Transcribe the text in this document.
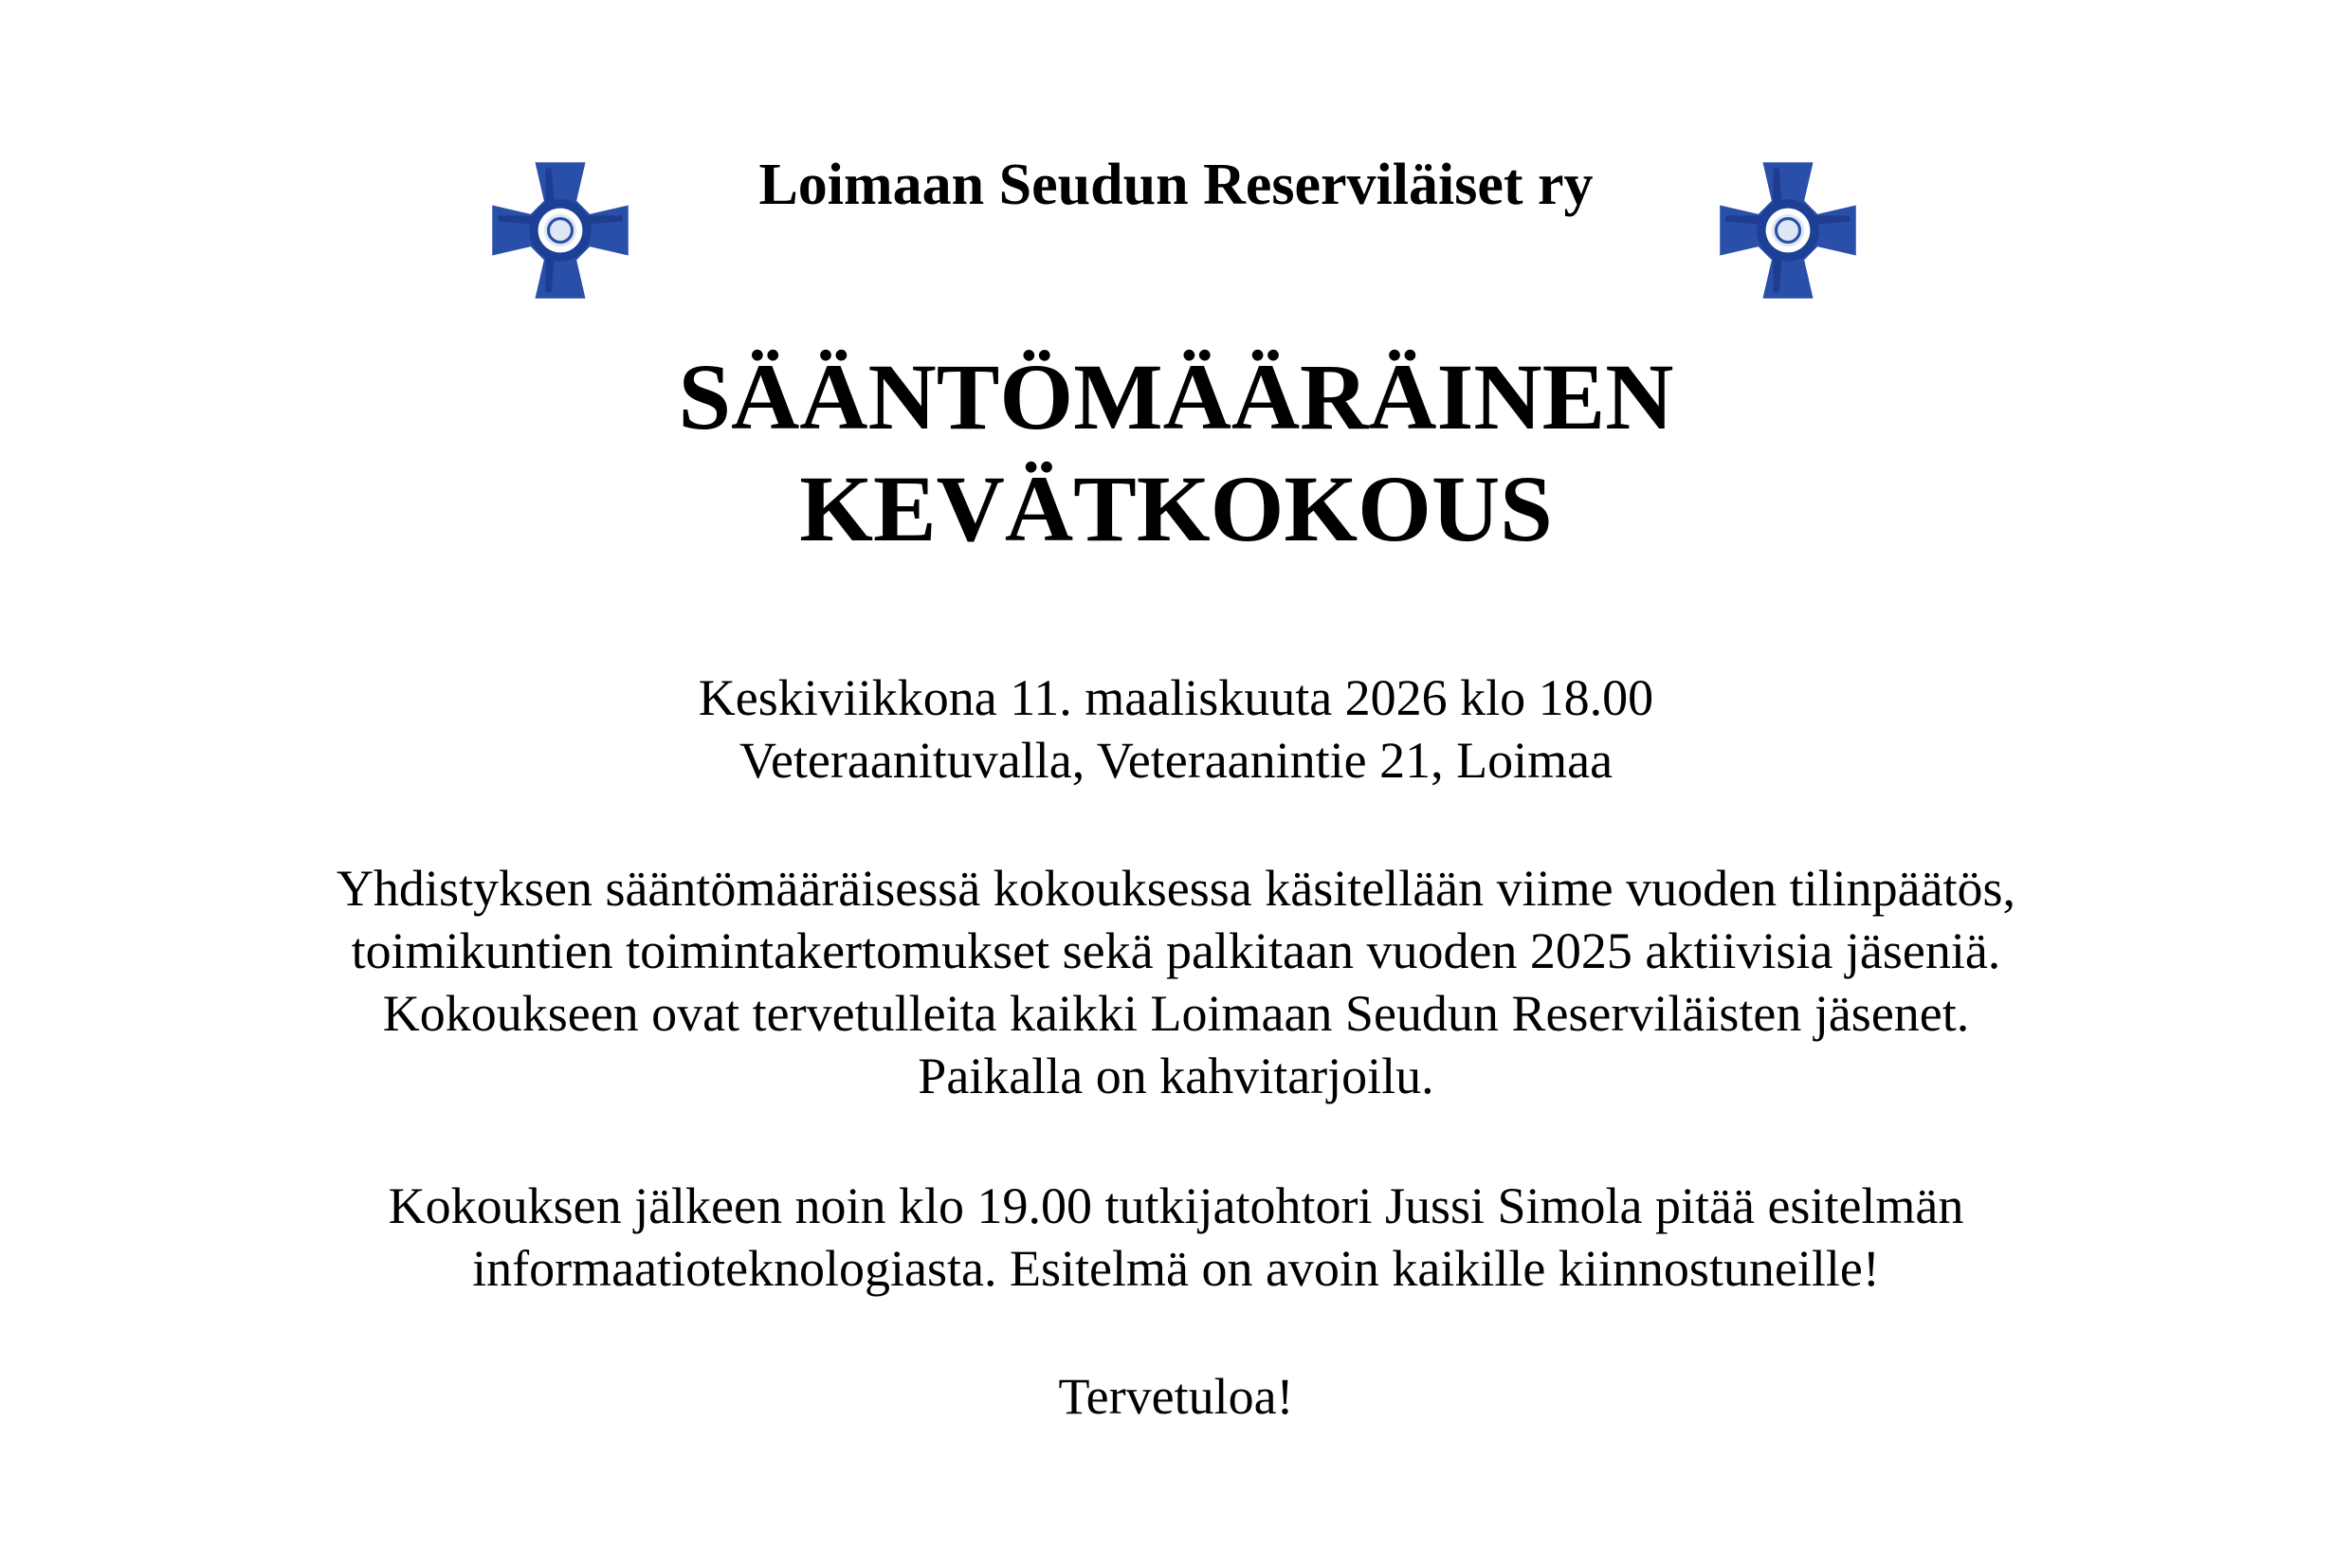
Loimaan Seudun Reserviläiset ry
SÄÄNTÖMÄÄRÄINEN
KEVÄTKOKOUS

Keskiviikkona 11. maaliskuuta 2026 klo 18.00

Veteraanituvalla, Veteraanintie 21, Loimaa

Yhdistyksen sääntömääräisessä kokouksessa käsitellään viime vuoden tilinpäätös,

toimikuntien toimintakertomukset sekä palkitaan vuoden 2025 aktiivisia jäseniä.

Kokoukseen ovat tervetulleita kaikki Loimaan Seudun Reserviläisten jäsenet.

Paikalla on kahvitarjoilu.

Kokouksen jälkeen noin klo 19.00 tutkijatohtori Jussi Simola pitää esitelmän

informaatioteknologiasta. Esitelmä on avoin kaikille kiinnostuneille!

Tervetuloa!
